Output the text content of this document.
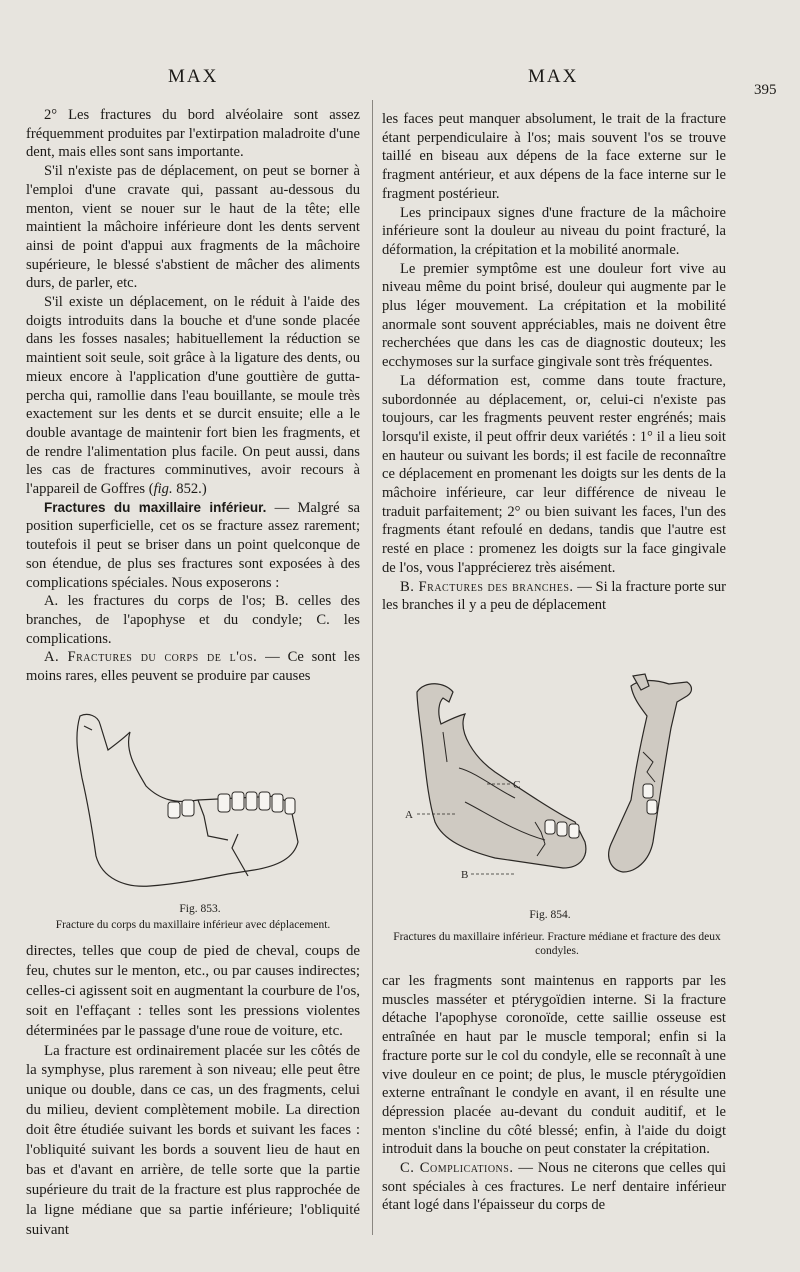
MAX	MAX
395

2° Les fractures du bord alvéolaire sont assez fréquemment produites par l'extirpation maladroite d'une dent, mais elles sont sans importante.

S'il n'existe pas de déplacement, on peut se borner à l'emploi d'une cravate qui, passant au-dessous du menton, vient se nouer sur le haut de la tête; elle maintient la mâchoire inférieure dont les dents servent ainsi de point d'appui aux fragments de la mâchoire supérieure, le blessé s'abstient de mâcher des aliments durs, de parler, etc.

S'il existe un déplacement, on le réduit à l'aide des doigts introduits dans la bouche et d'une sonde placée dans les fosses nasales; habituellement la réduction se maintient soit seule, soit grâce à la ligature des dents, ou mieux encore à l'application d'une gouttière de gutta-percha qui, ramollie dans l'eau bouillante, se moule très exactement sur les dents et se durcit ensuite; elle a le double avantage de maintenir fort bien les fragments, et de rendre l'alimentation plus facile. On peut aussi, dans les cas de fractures comminutives, avoir recours à l'appareil de Goffres (fig. 852.)

Fractures du maxillaire inférieur. — Malgré sa position superficielle, cet os se fracture assez rarement; toutefois il peut se briser dans un point quelconque de son étendue, de plus ses fractures sont exposées à des complications spéciales. Nous exposerons :

A. les fractures du corps de l'os; B. celles des branches, de l'apophyse et du condyle; C. les complications.

A. Fractures du corps de l'os. — Ce sont les moins rares, elles peuvent se produire par causes

Fig. 853.
Fracture du corps du maxillaire inférieur avec déplacement.

directes, telles que coup de pied de cheval, coups de feu, chutes sur le menton, etc., ou par causes indirectes; celles-ci agissent soit en augmentant la courbure de l'os, soit en l'effaçant : telles sont les pressions violentes déterminées par le passage d'une roue de voiture, etc.

La fracture est ordinairement placée sur les côtés de la symphyse, plus rarement à son niveau; elle peut être unique ou double, dans ce cas, un des fragments, celui du milieu, devient complètement mobile. La direction doit être étudiée suivant les bords et suivant les faces : l'obliquité suivant les bords a souvent lieu de haut en bas et d'avant en arrière, de telle sorte que la partie supérieure du trait de la fracture est plus rapprochée de la ligne médiane que sa partie inférieure; l'obliquité suivant

les faces peut manquer absolument, le trait de la fracture étant perpendiculaire à l'os; mais souvent l'os se trouve taillé en biseau aux dépens de la face externe sur le fragment antérieur, et aux dépens de la face interne sur le fragment postérieur.

Les principaux signes d'une fracture de la mâchoire inférieure sont la douleur au niveau du point fracturé, la déformation, la crépitation et la mobilité anormale.

Le premier symptôme est une douleur fort vive au niveau même du point brisé, douleur qui augmente par le plus léger mouvement. La crépitation et la mobilité anormale sont souvent appréciables, mais ne doivent être recherchées que dans les cas de diagnostic douteux; les ecchymoses sur la surface gingivale sont très fréquentes.

La déformation est, comme dans toute fracture, subordonnée au déplacement, or, celui-ci n'existe pas toujours, car les fragments peuvent rester engrénés; mais lorsqu'il existe, il peut offrir deux variétés : 1° il a lieu soit en hauteur ou suivant les bords; il est facile de reconnaître ce déplacement en promenant les doigts sur les dents de la mâchoire inférieure, car leur différence de niveau le traduit parfaitement; 2° ou bien suivant les faces, l'un des fragments étant refoulé en dedans, tandis que l'autre est resté en place : promenez les doigts sur la face gingivale de l'os, vous l'apprécierez très aisément.

B. Fractures des branches. — Si la fracture porte sur les branches il y a peu de déplacement

A
B
C
Fig. 854.
Fractures du maxillaire inférieur. Fracture médiane et fracture des deux condyles.

car les fragments sont maintenus en rapports par les muscles masséter et ptérygoïdien interne. Si la fracture détache l'apophyse coronoïde, cette saillie osseuse est entraînée en haut par le muscle temporal; enfin si la fracture porte sur le col du condyle, elle se reconnaît à une vive douleur en ce point; de plus, le muscle ptérygoïdien externe entraînant le condyle en avant, il en résulte une dépression placée au-devant du conduit auditif, et le menton s'incline du côté blessé; enfin, à l'aide du doigt introduit dans la bouche on peut constater la crépitation.

C. Complications. — Nous ne citerons que celles qui sont spéciales à ces fractures. Le nerf dentaire inférieur étant logé dans l'épaisseur du corps de
